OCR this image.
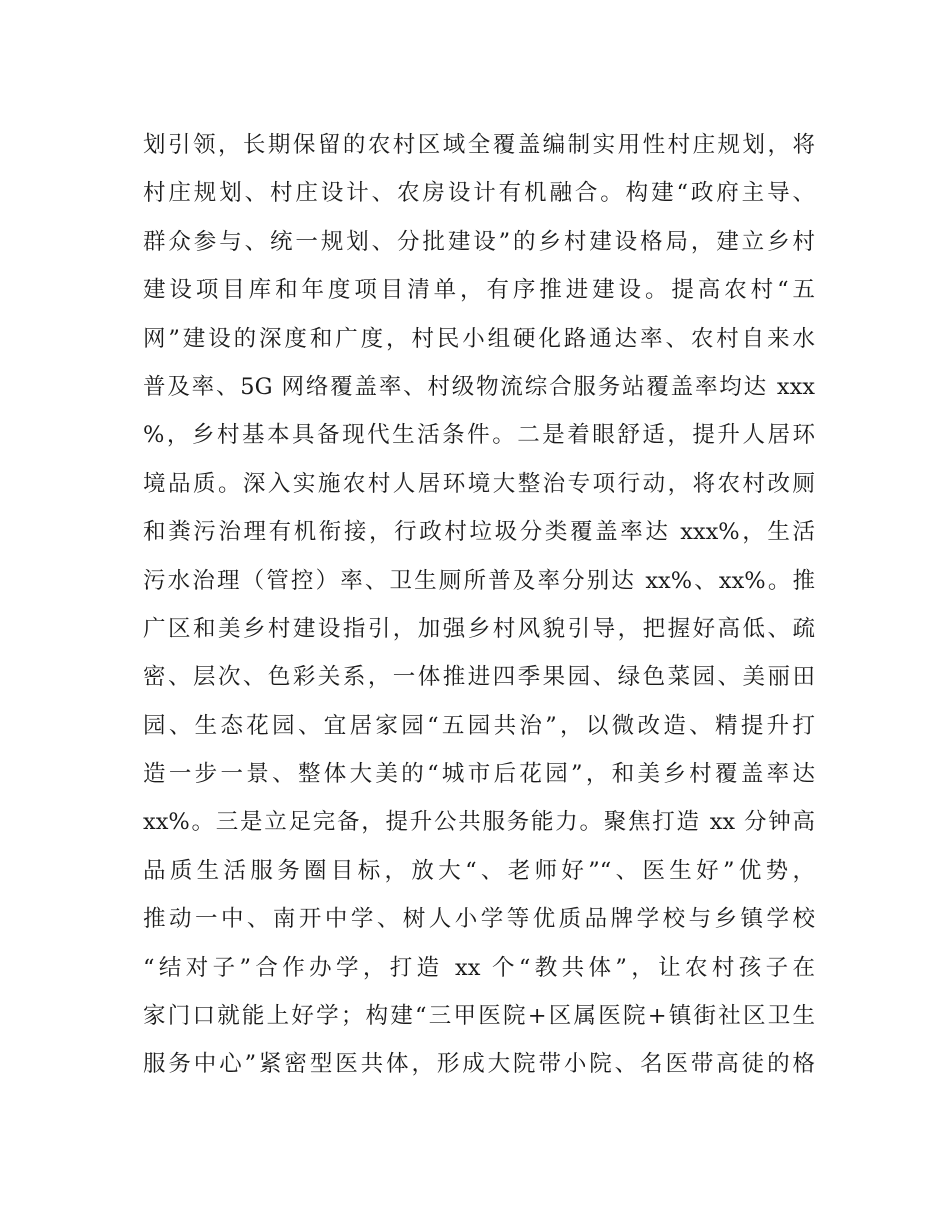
划引领，长期保留的农村区域全覆盖编制实用性村庄规划，将
村庄规划、村庄设计、农房设计有机融合。构建“政府主导、
群众参与、统一规划、分批建设”的乡村建设格局，建立乡村
建设项目库和年度项目清单，有序推进建设。提高农村“五
网”建设的深度和广度，村民小组硬化路通达率、农村自来水
普及率、5G 网络覆盖率、村级物流综合服务站覆盖率均达 xxx
%，乡村基本具备现代生活条件。二是着眼舒适，提升人居环
境品质。深入实施农村人居环境大整治专项行动，将农村改厕
和粪污治理有机衔接，行政村垃圾分类覆盖率达 xxx%，生活
污水治理（管控）率、卫生厕所普及率分别达 xx%、xx%。推
广区和美乡村建设指引，加强乡村风貌引导，把握好高低、疏
密、层次、色彩关系，一体推进四季果园、绿色菜园、美丽田
园、生态花园、宜居家园“五园共治”，以微改造、精提升打
造一步一景、整体大美的“城市后花园”，和美乡村覆盖率达
xx%。三是立足完备，提升公共服务能力。聚焦打造 xx 分钟高
品质生活服务圈目标，放大“、老师好”“、医生好”优势，
推动一中、南开中学、树人小学等优质品牌学校与乡镇学校
“结对子”合作办学，打造 xx 个“教共体”，让农村孩子在
家门口就能上好学；构建“三甲医院+区属医院+镇街社区卫生
服务中心”紧密型医共体，形成大院带小院、名医带高徒的格
